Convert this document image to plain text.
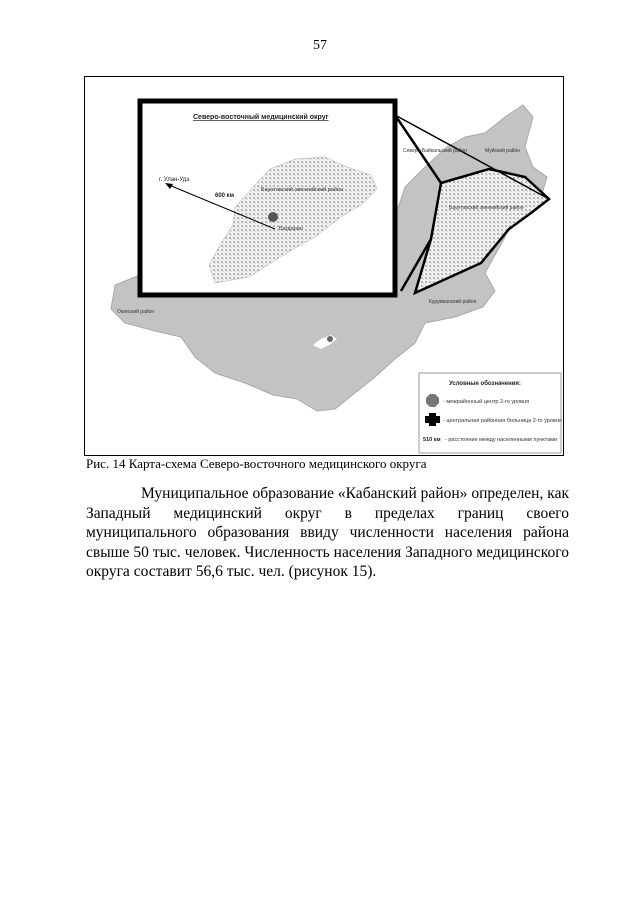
57
Северо-Байкальский район	Муйский район
Баунтовский эвенкийский район
Курумканский район
Окинский район
Северо-восточный медицинский округ
г. Улан-Удэ
600 км
Баунтовский эвенкийский район
Багдарин
Условные обозначения:
- межрайонный центр 2-го уровня
- центральная районная больница 2-го уровня
510 км - расстояние между населенными пунктами
Рис. 14 Карта-схема Северо-восточного медицинского округа
Муниципальное образование «Кабанский район» определен, как Западный медицинский округ в пределах границ своего муниципального образования ввиду численности населения района свыше 50 тыс. человек. Численность населения Западного медицинского округа составит 56,6 тыс. чел. (рисунок 15).
